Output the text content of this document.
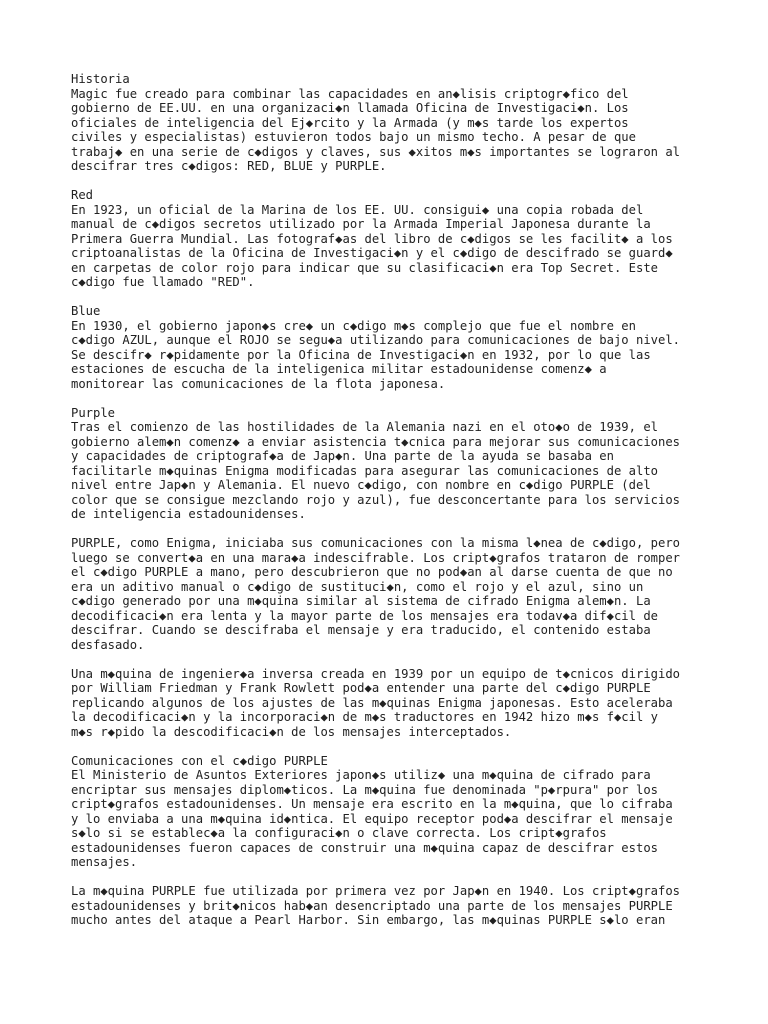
Historia
Magic fue creado para combinar las capacidades en an◆lisis criptogr◆fico del
gobierno de EE.UU. en una organizaci◆n llamada Oficina de Investigaci◆n. Los
oficiales de inteligencia del Ej◆rcito y la Armada (y m◆s tarde los expertos
civiles y especialistas) estuvieron todos bajo un mismo techo. A pesar de que
trabaj◆ en una serie de c◆digos y claves, sus ◆xitos m◆s importantes se lograron al
descifrar tres c◆digos: RED, BLUE y PURPLE.
Red
En 1923, un oficial de la Marina de los EE. UU. consigui◆ una copia robada del
manual de c◆digos secretos utilizado por la Armada Imperial Japonesa durante la
Primera Guerra Mundial. Las fotograf◆as del libro de c◆digos se les facilit◆ a los
criptoanalistas de la Oficina de Investigaci◆n y el c◆digo de descifrado se guard◆
en carpetas de color rojo para indicar que su clasificaci◆n era Top Secret. Este
c◆digo fue llamado "RED".
Blue
En 1930, el gobierno japon◆s cre◆ un c◆digo m◆s complejo que fue el nombre en
c◆digo AZUL, aunque el ROJO se segu◆a utilizando para comunicaciones de bajo nivel.
Se descifr◆ r◆pidamente por la Oficina de Investigaci◆n en 1932, por lo que las
estaciones de escucha de la inteligenica militar estadounidense comenz◆ a
monitorear las comunicaciones de la flota japonesa.
Purple
Tras el comienzo de las hostilidades de la Alemania nazi en el oto◆o de 1939, el
gobierno alem◆n comenz◆ a enviar asistencia t◆cnica para mejorar sus comunicaciones
y capacidades de criptograf◆a de Jap◆n. Una parte de la ayuda se basaba en
facilitarle m◆quinas Enigma modificadas para asegurar las comunicaciones de alto
nivel entre Jap◆n y Alemania. El nuevo c◆digo, con nombre en c◆digo PURPLE (del
color que se consigue mezclando rojo y azul), fue desconcertante para los servicios
de inteligencia estadounidenses.
PURPLE, como Enigma, iniciaba sus comunicaciones con la misma l◆nea de c◆digo, pero
luego se convert◆a en una mara◆a indescifrable. Los cript◆grafos trataron de romper
el c◆digo PURPLE a mano, pero descubrieron que no pod◆an al darse cuenta de que no
era un aditivo manual o c◆digo de sustituci◆n, como el rojo y el azul, sino un
c◆digo generado por una m◆quina similar al sistema de cifrado Enigma alem◆n. La
decodificaci◆n era lenta y la mayor parte de los mensajes era todav◆a dif◆cil de
descifrar. Cuando se descifraba el mensaje y era traducido, el contenido estaba
desfasado.
Una m◆quina de ingenier◆a inversa creada en 1939 por un equipo de t◆cnicos dirigido
por William Friedman y Frank Rowlett pod◆a entender una parte del c◆digo PURPLE
replicando algunos de los ajustes de las m◆quinas Enigma japonesas. Esto aceleraba
la decodificaci◆n y la incorporaci◆n de m◆s traductores en 1942 hizo m◆s f◆cil y
m◆s r◆pido la descodificaci◆n de los mensajes interceptados.
Comunicaciones con el c◆digo PURPLE
El Ministerio de Asuntos Exteriores japon◆s utiliz◆ una m◆quina de cifrado para
encriptar sus mensajes diplom◆ticos. La m◆quina fue denominada "p◆rpura" por los
cript◆grafos estadounidenses. Un mensaje era escrito en la m◆quina, que lo cifraba
y lo enviaba a una m◆quina id◆ntica. El equipo receptor pod◆a descifrar el mensaje
s◆lo si se establec◆a la configuraci◆n o clave correcta. Los cript◆grafos
estadounidenses fueron capaces de construir una m◆quina capaz de descifrar estos
mensajes.
La m◆quina PURPLE fue utilizada por primera vez por Jap◆n en 1940. Los cript◆grafos
estadounidenses y brit◆nicos hab◆an desencriptado una parte de los mensajes PURPLE
mucho antes del ataque a Pearl Harbor. Sin embargo, las m◆quinas PURPLE s◆lo eran
